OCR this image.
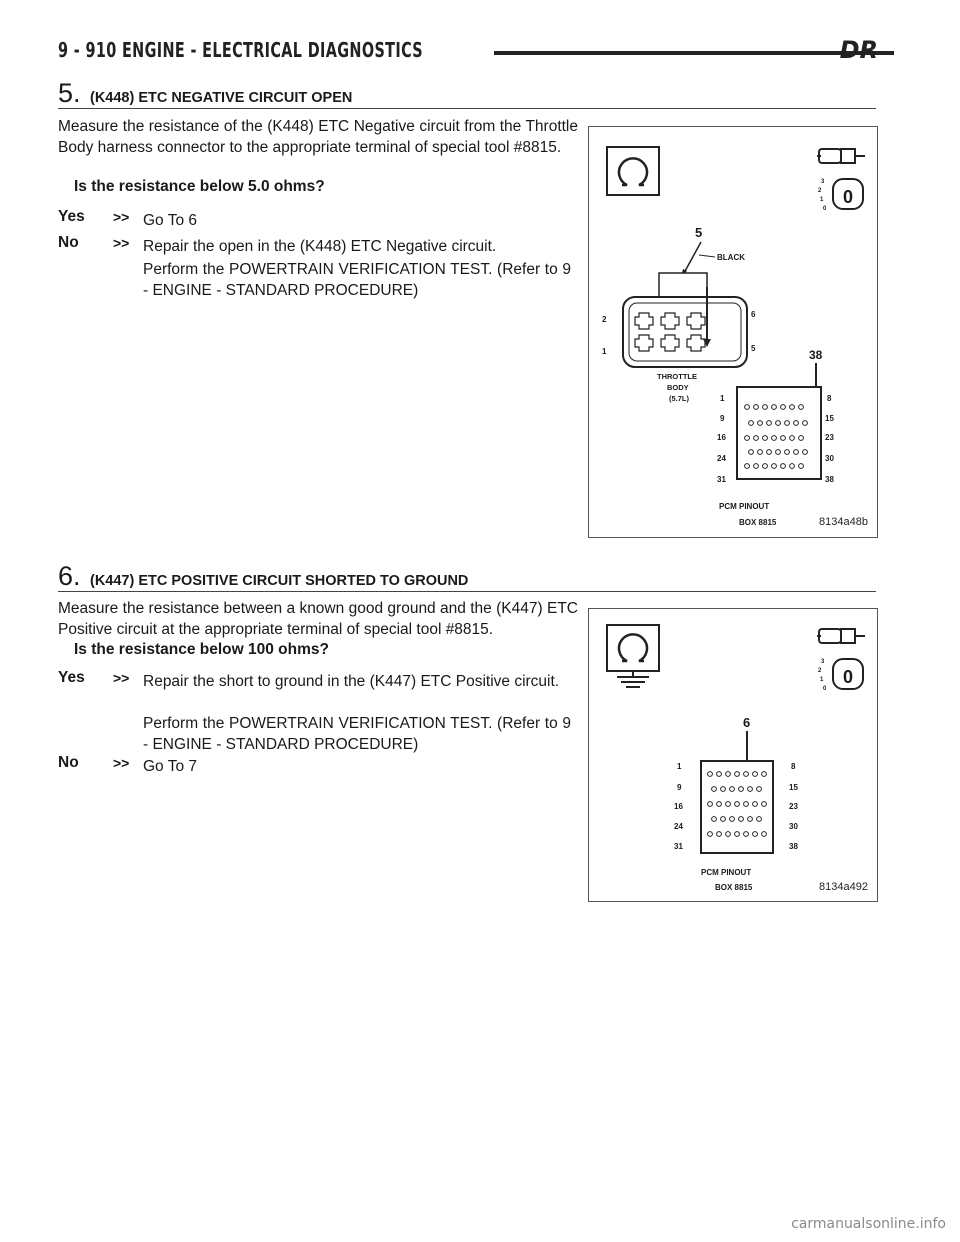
9 - 910 ENGINE - ELECTRICAL DIAGNOSTICS	DR
5. (K448) ETC NEGATIVE CIRCUIT OPEN

Measure the resistance of the (K448) ETC Negative circuit from the Throttle Body harness connector to the appropriate terminal of special tool #8815.

Is the resistance below 5.0 ohms?
Yes >> Go To 6

No >> Repair the open in the (K448) ETC Negative circuit.

Perform the POWERTRAIN VERIFICATION TEST. (Refer to 9 - ENGINE - STANDARD PROCEDURE)

3
2
1
0
0
5
BLACK
2
1
6
5
THROTTLE
BODY
(5.7L)
38
1
9
16
24
31
8
15
23
30
38
PCM PINOUT
BOX 8815	8134a48b
6. (K447) ETC POSITIVE CIRCUIT SHORTED TO GROUND

Measure the resistance between a known good ground and the (K447) ETC Positive circuit at the appropriate terminal of special tool #8815.

Is the resistance below 100 ohms?
Yes >> Repair the short to ground in the (K447) ETC Positive circuit.

Perform the POWERTRAIN VERIFICATION TEST. (Refer to 9 - ENGINE - STANDARD PROCEDURE)

No >> Go To 7

3
2
1
0
0
6
1
9
16
24
31
8
15
23
30
38
PCM PINOUT
BOX 8815	8134a492
carmanualsonline.info
